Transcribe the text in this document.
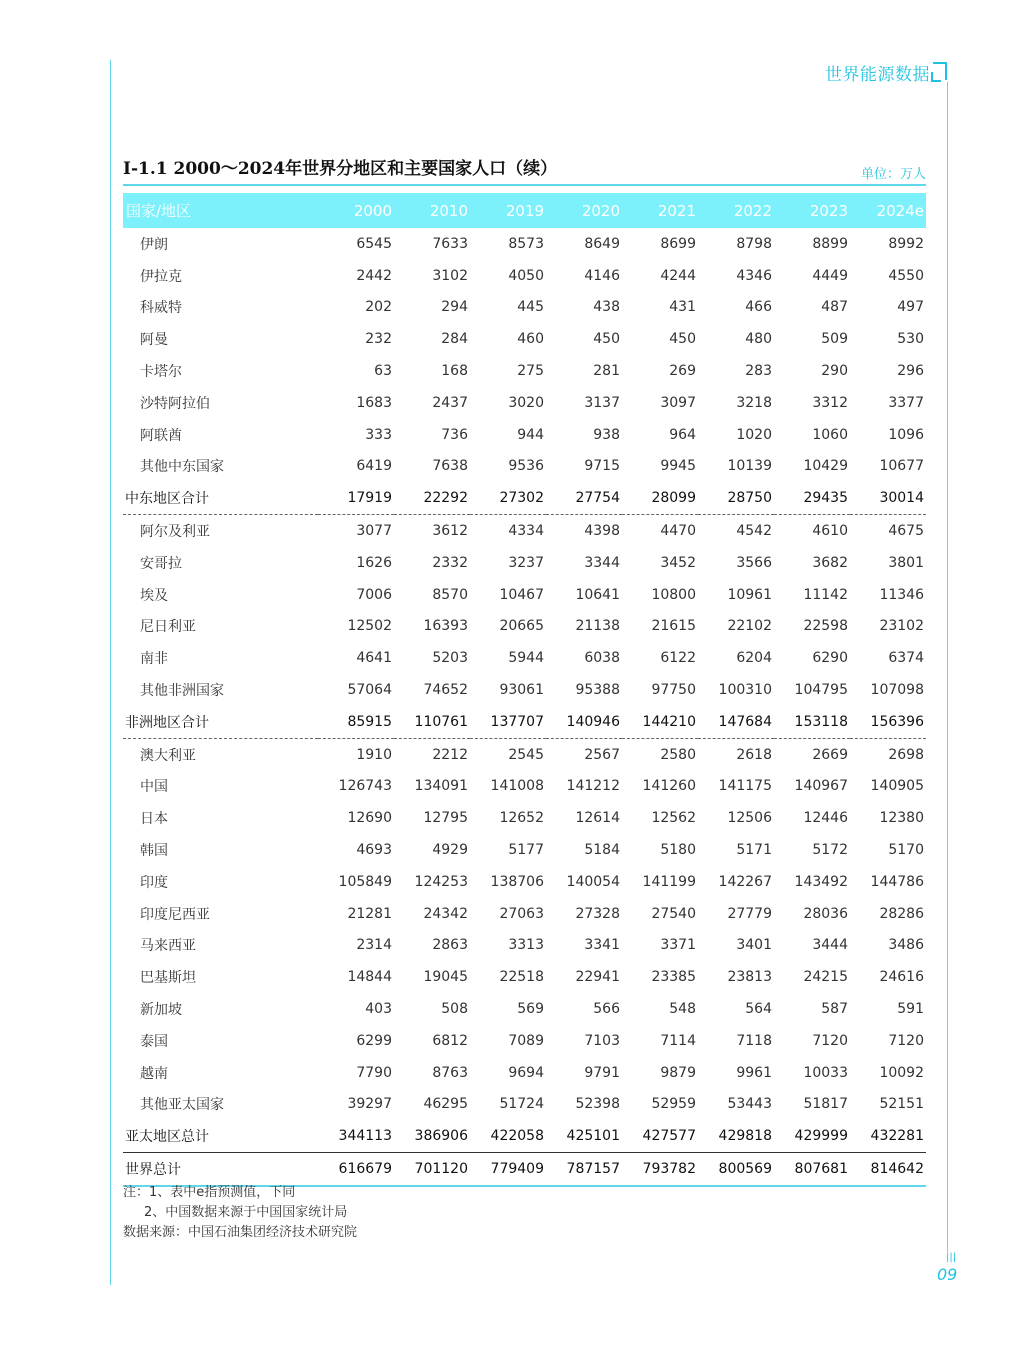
世界能源数据
I-1.1 2000～2024年世界分地区和主要国家人口（续）	单位：万人
国家/地区	2000	2010	2019	2020	2021	2022	2023	2024e
伊朗	6545	7633	8573	8649	8699	8798	8899	8992
伊拉克	2442	3102	4050	4146	4244	4346	4449	4550
科威特	202	294	445	438	431	466	487	497
阿曼	232	284	460	450	450	480	509	530
卡塔尔	63	168	275	281	269	283	290	296
沙特阿拉伯	1683	2437	3020	3137	3097	3218	3312	3377
阿联酋	333	736	944	938	964	1020	1060	1096
其他中东国家	6419	7638	9536	9715	9945	10139	10429	10677
中东地区合计	17919	22292	27302	27754	28099	28750	29435	30014
阿尔及利亚	3077	3612	4334	4398	4470	4542	4610	4675
安哥拉	1626	2332	3237	3344	3452	3566	3682	3801
埃及	7006	8570	10467	10641	10800	10961	11142	11346
尼日利亚	12502	16393	20665	21138	21615	22102	22598	23102
南非	4641	5203	5944	6038	6122	6204	6290	6374
其他非洲国家	57064	74652	93061	95388	97750	100310	104795	107098
非洲地区合计	85915	110761	137707	140946	144210	147684	153118	156396
澳大利亚	1910	2212	2545	2567	2580	2618	2669	2698
中国	126743	134091	141008	141212	141260	141175	140967	140905
日本	12690	12795	12652	12614	12562	12506	12446	12380
韩国	4693	4929	5177	5184	5180	5171	5172	5170
印度	105849	124253	138706	140054	141199	142267	143492	144786
印度尼西亚	21281	24342	27063	27328	27540	27779	28036	28286
马来西亚	2314	2863	3313	3341	3371	3401	3444	3486
巴基斯坦	14844	19045	22518	22941	23385	23813	24215	24616
新加坡	403	508	569	566	548	564	587	591
泰国	6299	6812	7089	7103	7114	7118	7120	7120
越南	7790	8763	9694	9791	9879	9961	10033	10092
其他亚太国家	39297	46295	51724	52398	52959	53443	51817	52151
亚太地区总计	344113	386906	422058	425101	427577	429818	429999	432281
世界总计	616679	701120	779409	787157	793782	800569	807681	814642
注：1、表中e指预测值，下同
2、中国数据来源于中国国家统计局
数据来源：中国石油集团经济技术研究院
|||
09
